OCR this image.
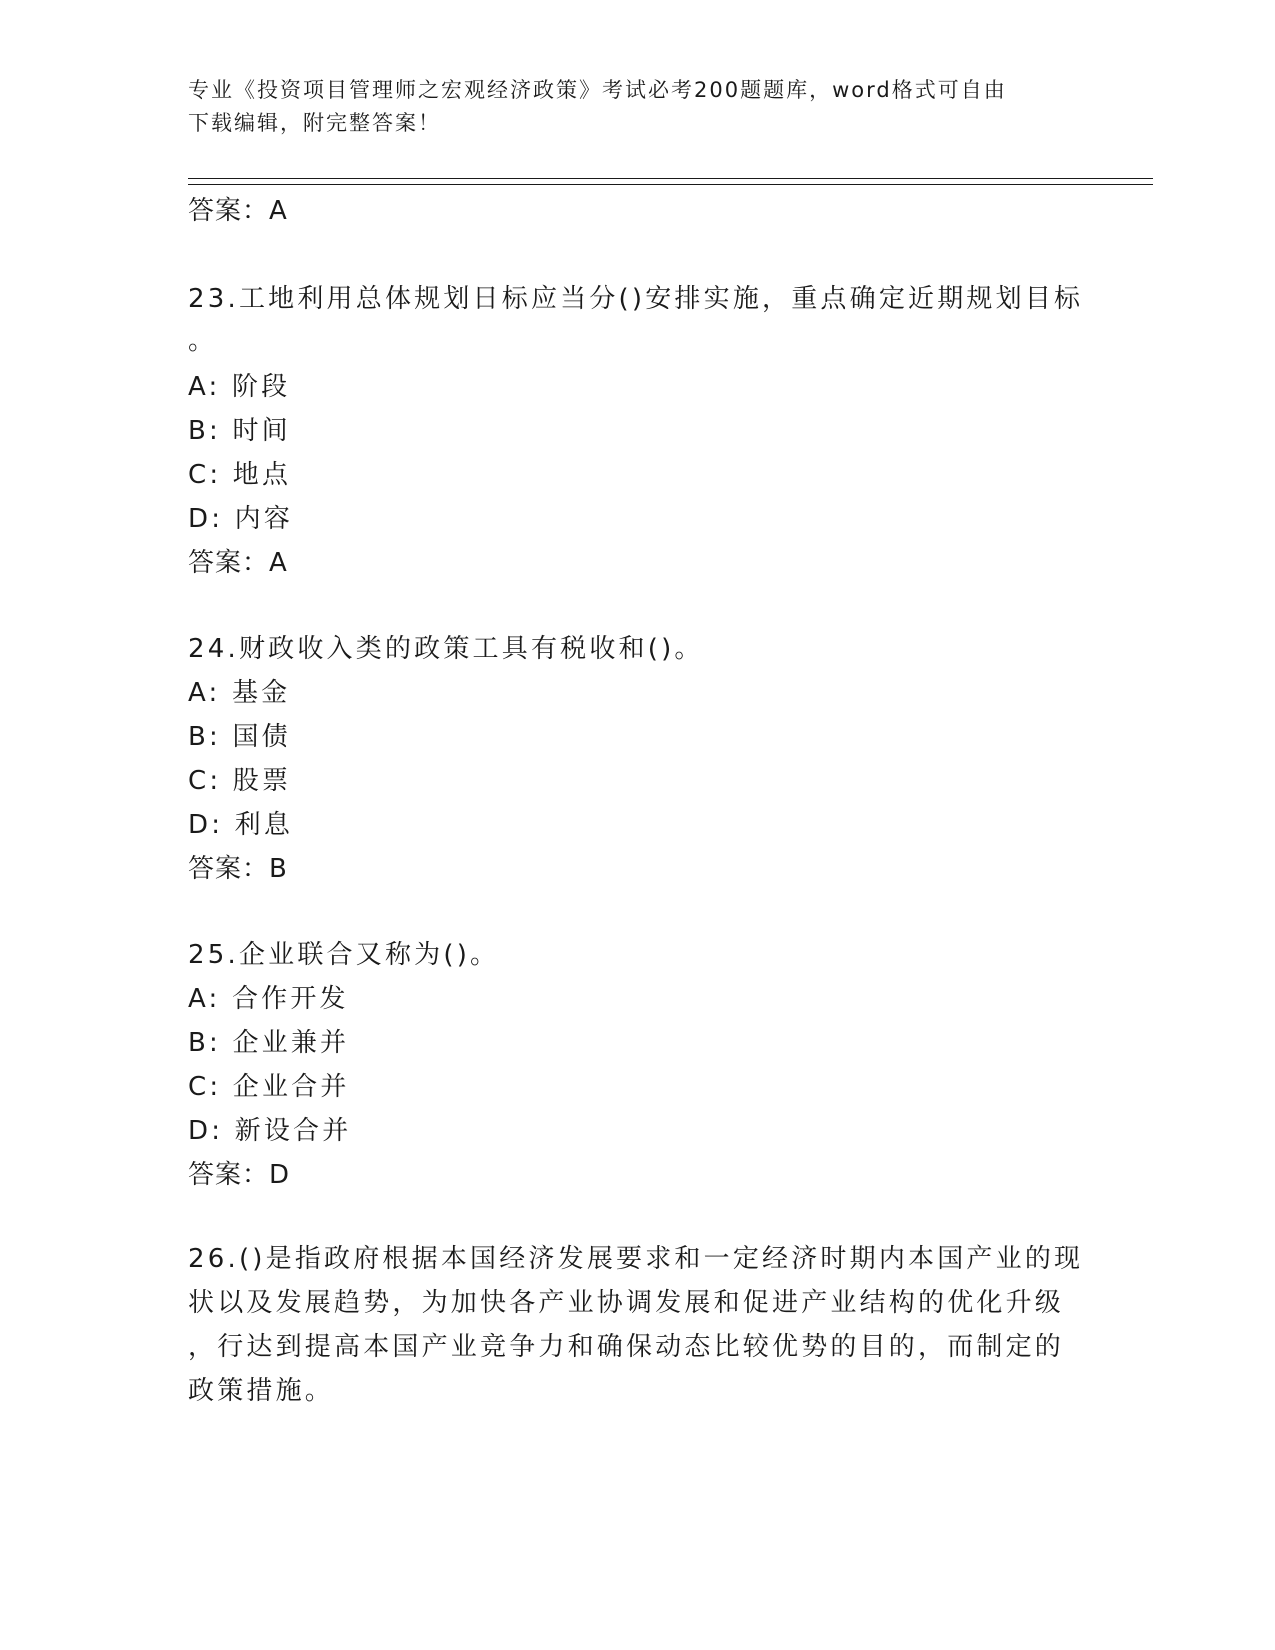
专业《投资项目管理师之宏观经济政策》考试必考200题题库，word格式可自由
下载编辑，附完整答案！
答案：A
23.工地利用总体规划日标应当分()安排实施，重点确定近期规划目标
。
A: 阶段
B: 时间
C: 地点
D: 内容
答案：A
24.财政收入类的政策工具有税收和()。
A: 基金
B: 国债
C: 股票
D: 利息
答案：B
25.企业联合又称为()。
A: 合作开发
B: 企业兼并
C: 企业合并
D: 新设合并
答案：D
26.()是指政府根据本国经济发展要求和一定经济时期内本国产业的现
状以及发展趋势，为加快各产业协调发展和促进产业结构的优化升级
，行达到提高本国产业竞争力和确保动态比较优势的目的，而制定的
政策措施。
